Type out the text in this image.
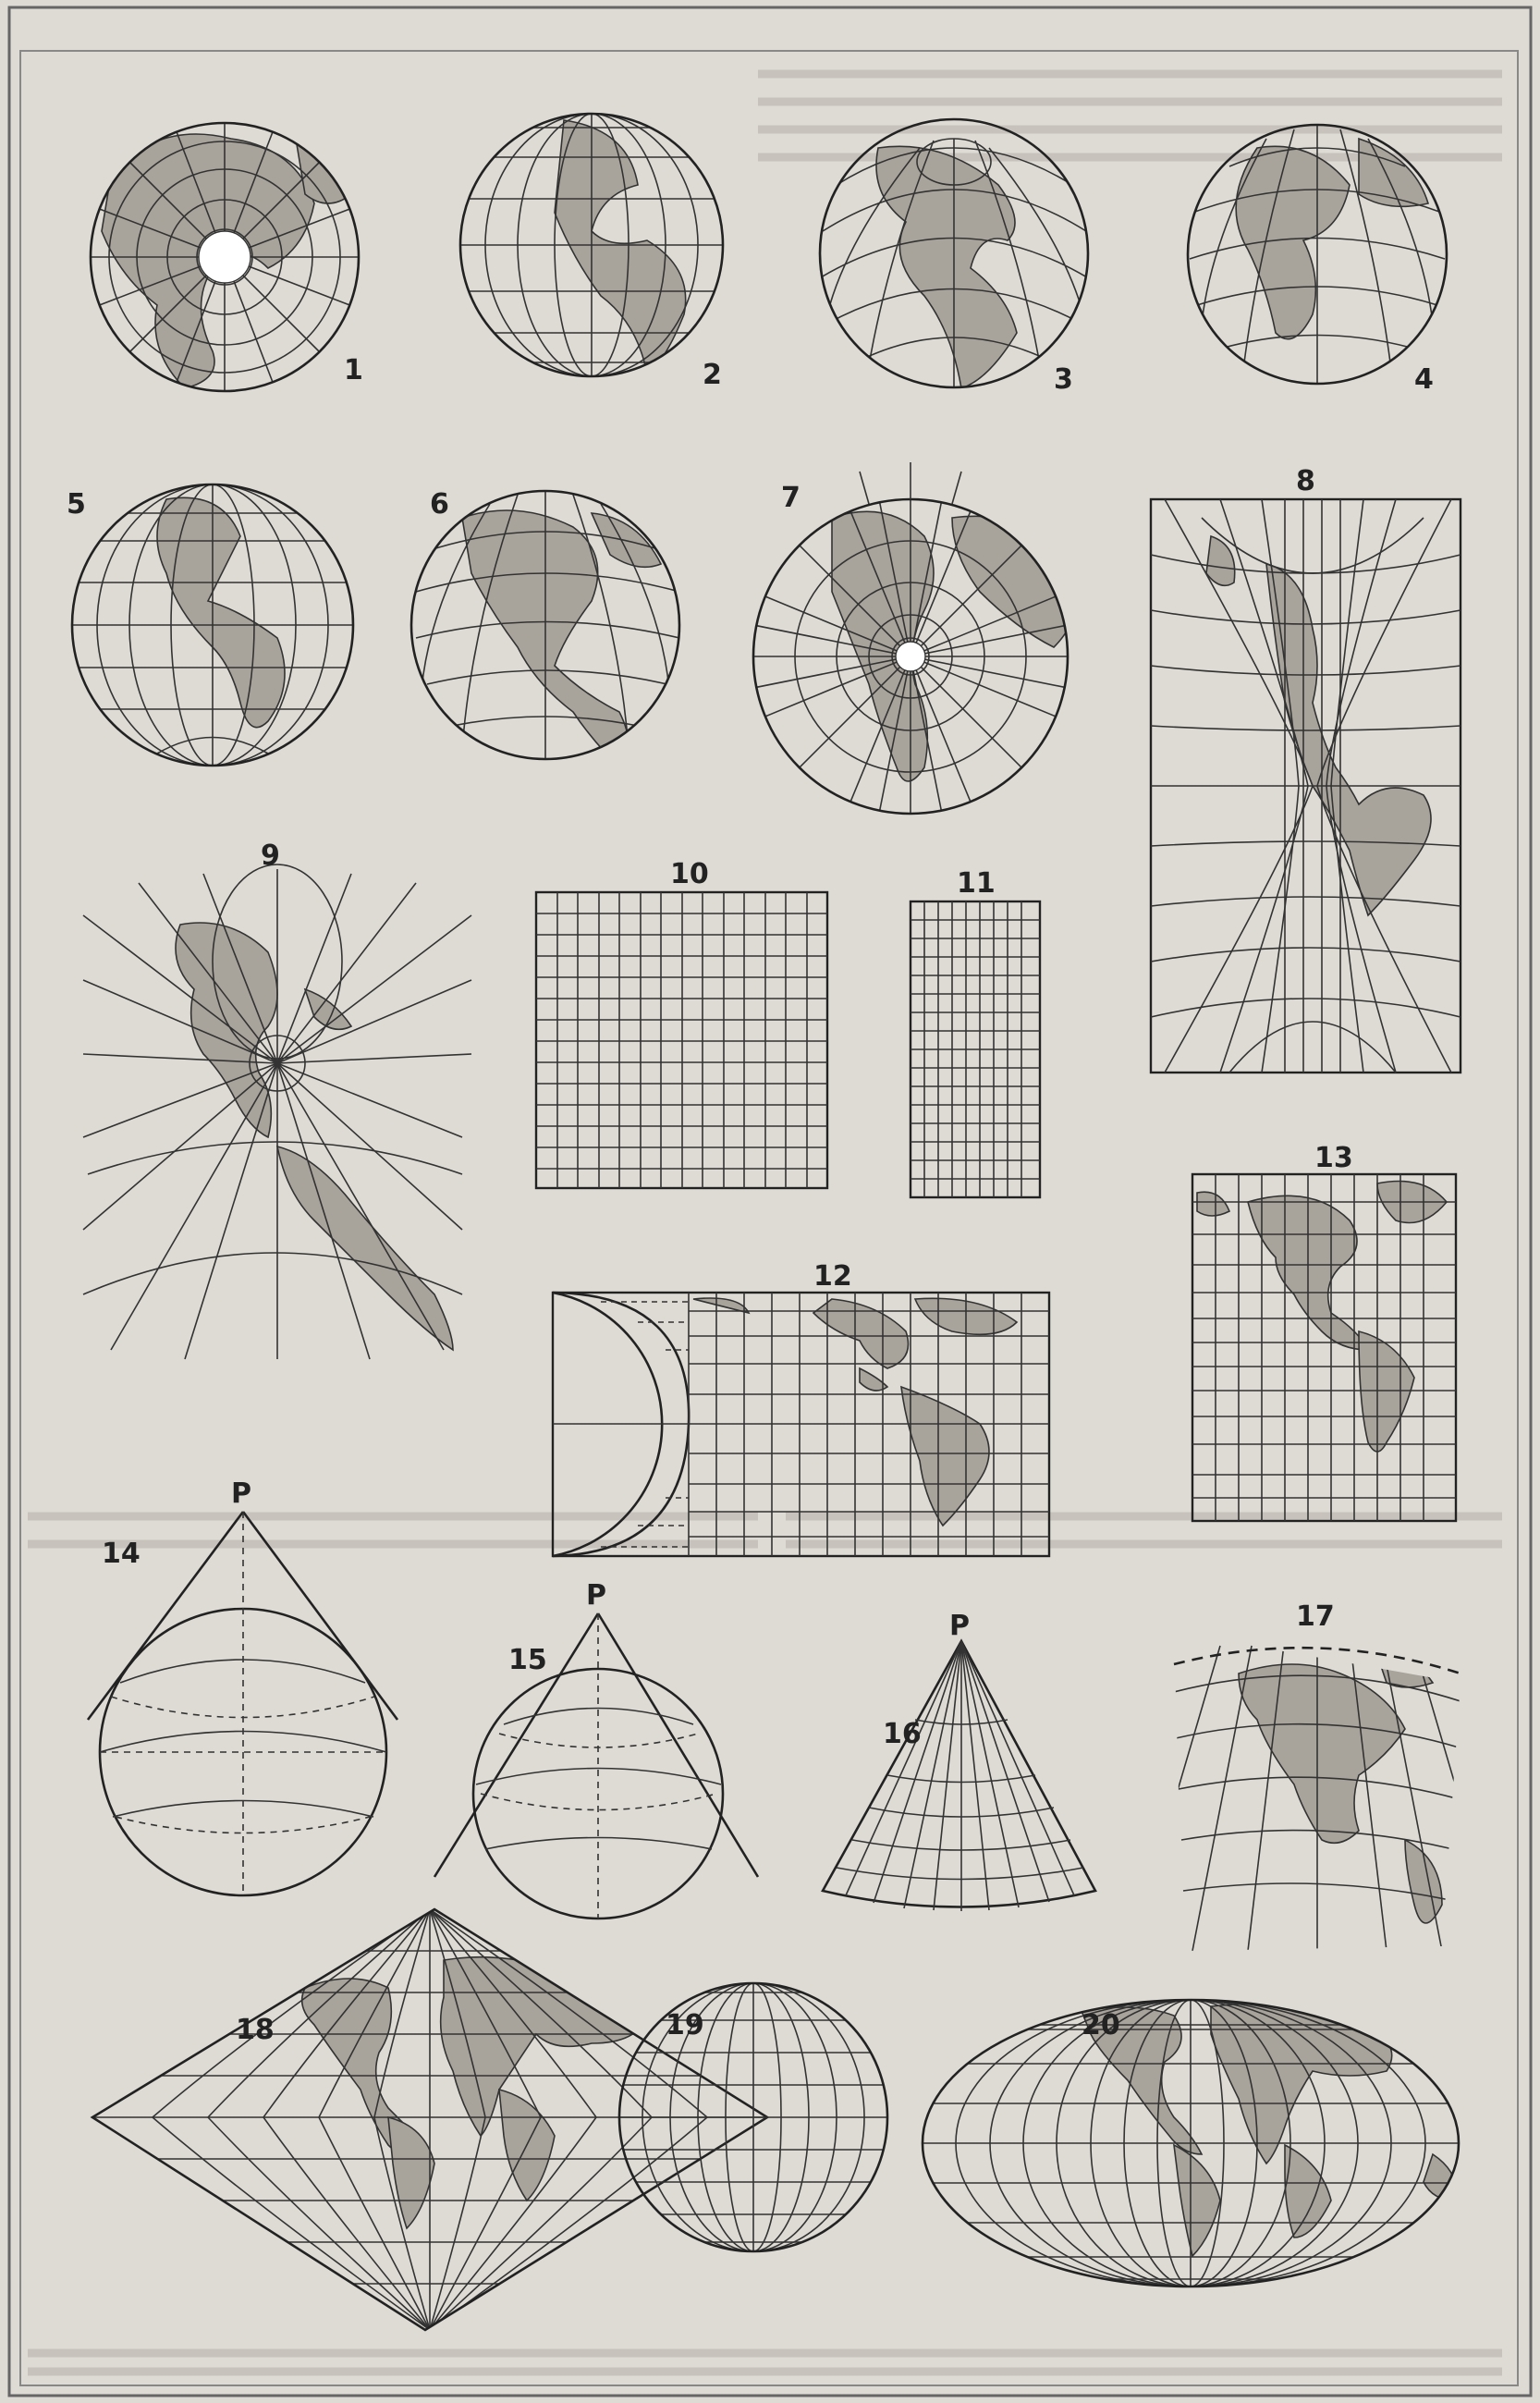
1	2	3	4
5	6	7
8
9
10	11
12
13
P
14
P
15
P
16
17
18	19	20
